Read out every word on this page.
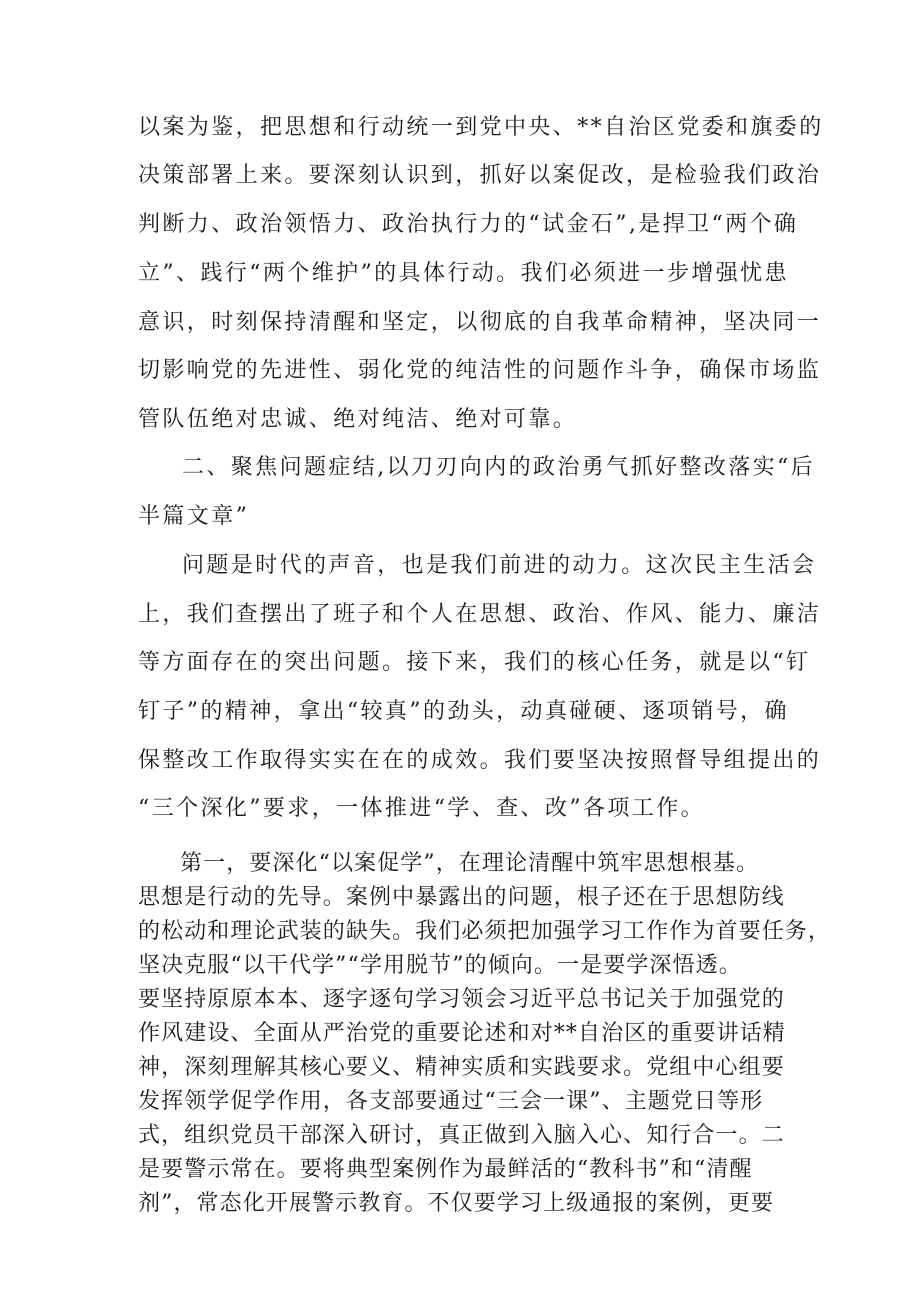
以案为鉴，把思想和行动统一到党中央、**自治区党委和旗委的
决策部署上来。要深刻认识到，抓好以案促改，是检验我们政治
判断力、政治领悟力、政治执行力的“试金石”,是捍卫“两个确
立”、践行“两个维护”的具体行动。我们必须进一步增强忧患
意识，时刻保持清醒和坚定，以彻底的自我革命精神，坚决同一
切影响党的先进性、弱化党的纯洁性的问题作斗争，确保市场监
管队伍绝对忠诚、绝对纯洁、绝对可靠。
二、聚焦问题症结,以刀刃向内的政治勇气抓好整改落实“后
半篇文章”
问题是时代的声音，也是我们前进的动力。这次民主生活会
上，我们查摆出了班子和个人在思想、政治、作风、能力、廉洁
等方面存在的突出问题。接下来，我们的核心任务，就是以“钉
钉子”的精神，拿出“较真”的劲头，动真碰硬、逐项销号，确
保整改工作取得实实在在的成效。我们要坚决按照督导组提出的
“三个深化”要求，一体推进“学、查、改”各项工作。
第一，要深化“以案促学”，在理论清醒中筑牢思想根基。
思想是行动的先导。案例中暴露出的问题，根子还在于思想防线
的松动和理论武装的缺失。我们必须把加强学习工作作为首要任务，
坚决克服“以干代学”“学用脱节”的倾向。一是要学深悟透。
要坚持原原本本、逐字逐句学习领会习近平总书记关于加强党的
作风建设、全面从严治党的重要论述和对**自治区的重要讲话精
神，深刻理解其核心要义、精神实质和实践要求。党组中心组要
发挥领学促学作用，各支部要通过“三会一课”、主题党日等形
式，组织党员干部深入研讨，真正做到入脑入心、知行合一。二
是要警示常在。要将典型案例作为最鲜活的“教科书”和“清醒
剂”，常态化开展警示教育。不仅要学习上级通报的案例，更要
